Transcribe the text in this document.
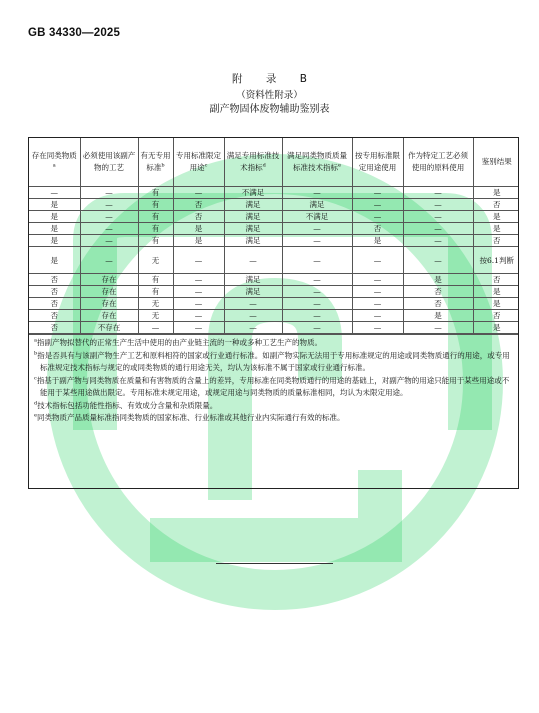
GB 34330—2025
附 录 B
（资料性附录）
副产物固体废物辅助鉴别表
存在同类物质$^a$	必须使用该副产物的工艺	有无专用标准$^b$	专用标准限定用途$^c$	满足专用标准技术指标$^d$	满足同类物质质量标准技术指标$^e$	按专用标准限定用途使用	作为特定工艺必须使用的原料使用	鉴别结果
—	—	有	—	不满足	—	—	—	是
是	—	有	否	满足	满足	—	—	否
是	—	有	否	满足	不满足	—	—	是
是	—	有	是	满足	—	否	—	是
是	—	有	是	满足	—	是	—	否
是	—	无	—	—	—	—	—	按6.1判断
否	存在	有	—	满足	—	—	是	否
否	存在	有	—	满足	—	—	否	是
否	存在	无	—	—	—	—	否	是
否	存在	无	—	—	—	—	是	否
否	不存在	—	—	—	—	—	—	是
$^a$指副产物拟替代的正常生产生活中使用的由产业链主流的一种或多种工艺生产的物质。
$^b$指是否具有与该副产物生产工艺和原料相符的国家或行业通行标准。如副产物实际无法用于专用标准规定的用途或同类物质通行的用途，或专用标准规定技术指标与规定的或同类物质的通行用途无关，均认为该标准不属于国家或行业通行标准。
$^c$指基于副产物与同类物质在质量和有害物质的含量上的差异，专用标准在同类物质通行的用途的基础上，对副产物的用途只能用于某些用途或不能用于某些用途做出限定。专用标准未规定用途，或规定用途与同类物质的质量标准相同，均认为未限定用途。
$^d$技术指标包括功能性指标、有效成分含量和杂质限量。
$^e$同类物质产品质量标准指同类物质的国家标准、行业标准或其他行业内实际通行有效的标准。
